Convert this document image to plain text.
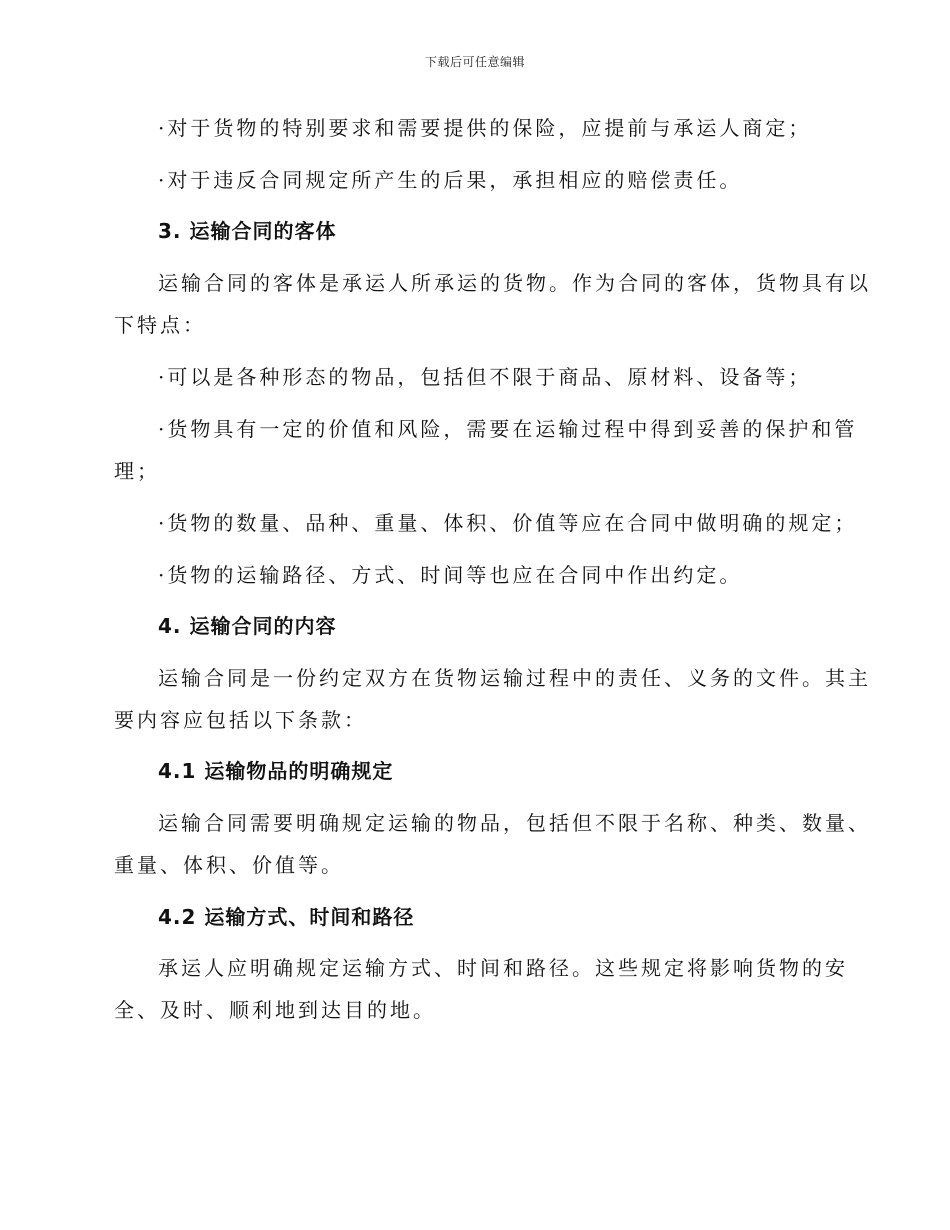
下载后可任意编辑

·对于货物的特别要求和需要提供的保险，应提前与承运人商定；

·对于违反合同规定所产生的后果，承担相应的赔偿责任。

3. 运输合同的客体

运输合同的客体是承运人所承运的货物。作为合同的客体，货物具有以

下特点：

·可以是各种形态的物品，包括但不限于商品、原材料、设备等；

·货物具有一定的价值和风险，需要在运输过程中得到妥善的保护和管

理；

·货物的数量、品种、重量、体积、价值等应在合同中做明确的规定；

·货物的运输路径、方式、时间等也应在合同中作出约定。

4. 运输合同的内容

运输合同是一份约定双方在货物运输过程中的责任、义务的文件。其主

要内容应包括以下条款：

4.1 运输物品的明确规定

运输合同需要明确规定运输的物品，包括但不限于名称、种类、数量、

重量、体积、价值等。

4.2 运输方式、时间和路径

承运人应明确规定运输方式、时间和路径。这些规定将影响货物的安

全、及时、顺利地到达目的地。
